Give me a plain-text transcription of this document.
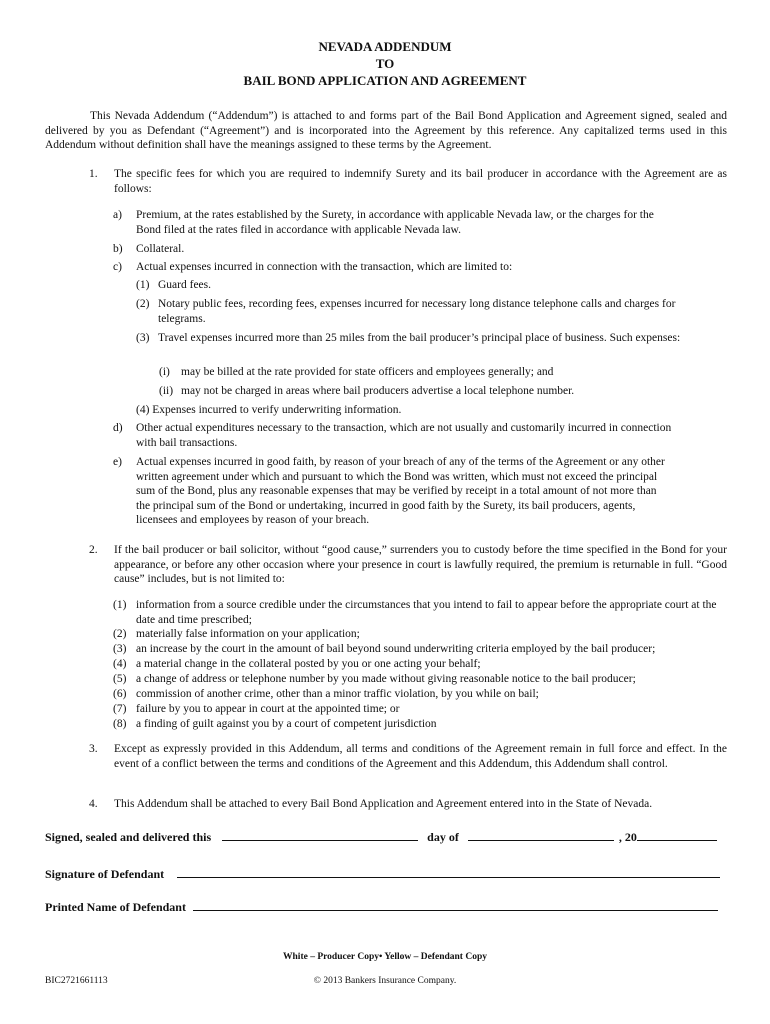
NEVADA ADDENDUM
TO
BAIL BOND APPLICATION AND AGREEMENT
This Nevada Addendum (“Addendum”) is attached to and forms part of the Bail Bond Application and Agreement signed, sealed and delivered by you as Defendant (“Agreement”) and is incorporated into the Agreement by this reference. Any capitalized terms used in this Addendum without definition shall have the meanings assigned to these terms by the Agreement.
1. The specific fees for which you are required to indemnify Surety and its bail producer in accordance with the Agreement are as follows:
a) Premium, at the rates established by the Surety, in accordance with applicable Nevada law, or the charges for the Bond filed at the rates filed in accordance with applicable Nevada law.
b) Collateral.
c) Actual expenses incurred in connection with the transaction, which are limited to:
(1) Guard fees.
(2) Notary public fees, recording fees, expenses incurred for necessary long distance telephone calls and charges for telegrams.
(3) Travel expenses incurred more than 25 miles from the bail producer’s principal place of business. Such expenses:
(i) may be billed at the rate provided for state officers and employees generally; and
(ii) may not be charged in areas where bail producers advertise a local telephone number.
(4) Expenses incurred to verify underwriting information.
d) Other actual expenditures necessary to the transaction, which are not usually and customarily incurred in connection with bail transactions.
e) Actual expenses incurred in good faith, by reason of your breach of any of the terms of the Agreement or any other written agreement under which and pursuant to which the Bond was written, which must not exceed the principal sum of the Bond, plus any reasonable expenses that may be verified by receipt in a total amount of not more than the principal sum of the Bond or undertaking, incurred in good faith by the Surety, its bail producers, agents, licensees and employees by reason of your breach.
2. If the bail producer or bail solicitor, without “good cause,” surrenders you to custody before the time specified in the Bond for your appearance, or before any other occasion where your presence in court is lawfully required, the premium is returnable in full. “Good cause” includes, but is not limited to:
(1) information from a source credible under the circumstances that you intend to fail to appear before the appropriate court at the date and time prescribed;
(2) materially false information on your application;
(3) an increase by the court in the amount of bail beyond sound underwriting criteria employed by the bail producer;
(4) a material change in the collateral posted by you or one acting your behalf;
(5) a change of address or telephone number by you made without giving reasonable notice to the bail producer;
(6) commission of another crime, other than a minor traffic violation, by you while on bail;
(7) failure by you to appear in court at the appointed time; or
(8) a finding of guilt against you by a court of competent jurisdiction
3. Except as expressly provided in this Addendum, all terms and conditions of the Agreement remain in full force and effect. In the event of a conflict between the terms and conditions of the Agreement and this Addendum, this Addendum shall control.
4. This Addendum shall be attached to every Bail Bond Application and Agreement entered into in the State of Nevada.
Signed, sealed and delivered this	day of	, 20
Signature of Defendant
Printed Name of Defendant
White – Producer Copy• Yellow – Defendant Copy
BIC2721661113	© 2013 Bankers Insurance Company.
